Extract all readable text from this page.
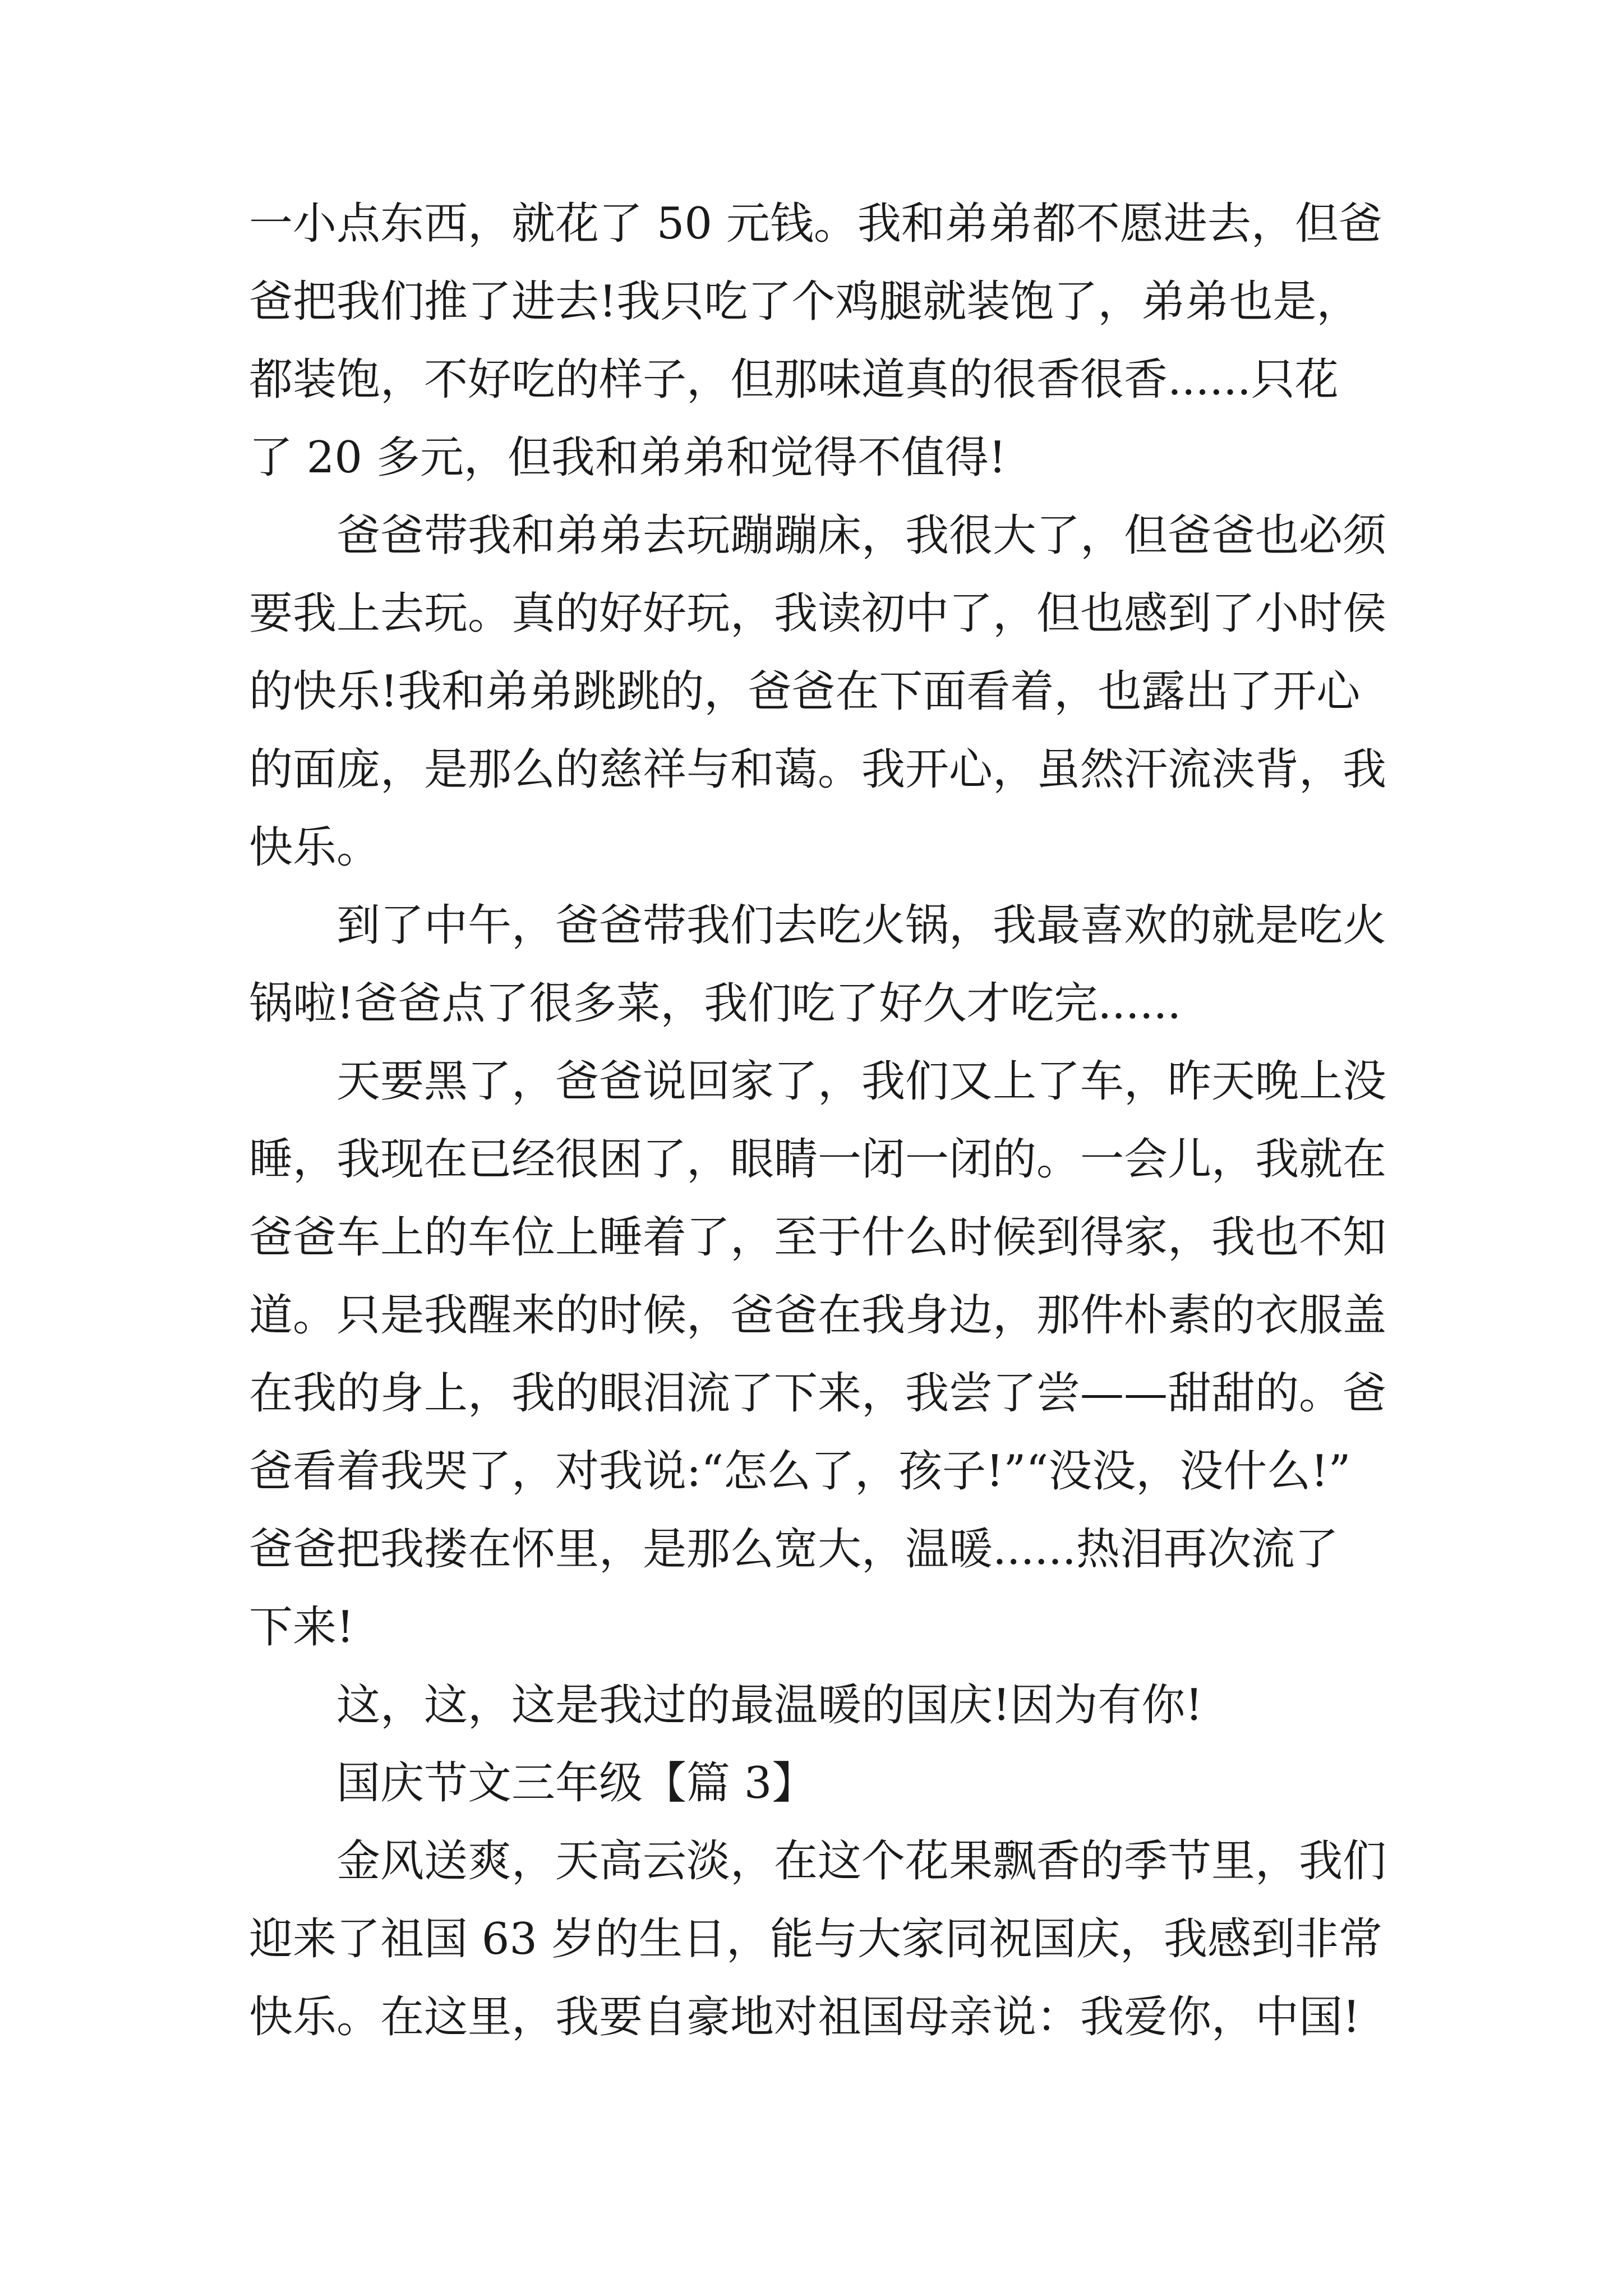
一小点东西，就花了 50 元钱。我和弟弟都不愿进去，但爸
爸把我们推了进去!我只吃了个鸡腿就装饱了，弟弟也是，
都装饱，不好吃的样子，但那味道真的很香很香......只花
了 20 多元，但我和弟弟和觉得不值得!
爸爸带我和弟弟去玩蹦蹦床，我很大了，但爸爸也必须
要我上去玩。真的好好玩，我读初中了，但也感到了小时侯
的快乐!我和弟弟跳跳的，爸爸在下面看着，也露出了开心
的面庞，是那么的慈祥与和蔼。我开心，虽然汗流浃背，我
快乐。
到了中午，爸爸带我们去吃火锅，我最喜欢的就是吃火
锅啦!爸爸点了很多菜，我们吃了好久才吃完......
天要黑了，爸爸说回家了，我们又上了车，昨天晚上没
睡，我现在已经很困了，眼睛一闭一闭的。一会儿，我就在
爸爸车上的车位上睡着了，至于什么时候到得家，我也不知
道。只是我醒来的时候，爸爸在我身边，那件朴素的衣服盖
在我的身上，我的眼泪流了下来，我尝了尝——甜甜的。爸
爸看着我哭了，对我说:“怎么了，孩子!”“没没，没什么!”
爸爸把我搂在怀里，是那么宽大，温暖......热泪再次流了
下来!
这，这，这是我过的最温暖的国庆!因为有你!
国庆节文三年级【篇 3】
金风送爽，天高云淡，在这个花果飘香的季节里，我们
迎来了祖国 63 岁的生日，能与大家同祝国庆，我感到非常
快乐。在这里，我要自豪地对祖国母亲说：我爱你，中国!
